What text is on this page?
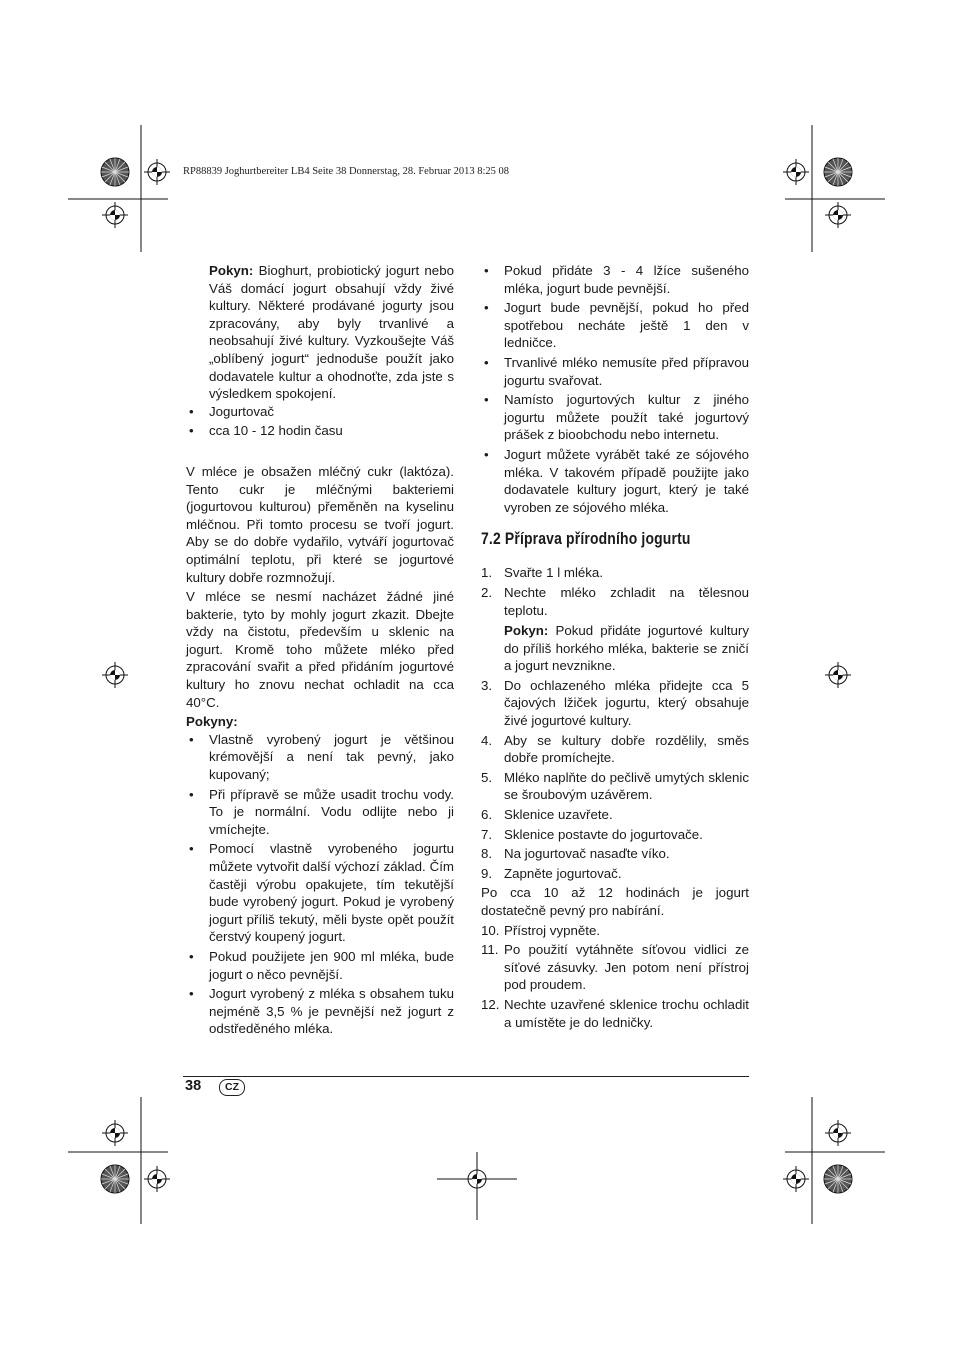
RP88839 Joghurtbereiter LB4 Seite 38 Donnerstag, 28. Februar 2013 8:25 08

Pokyn: Bioghurt, probiotický jogurt nebo Váš domácí jogurt obsahují vždy živé kultury. Některé prodávané jogurty jsou zpracovány, aby byly trvanlivé a neobsahují živé kultury. Vyzkoušejte Váš „oblíbený jogurt“ jednoduše použít jako dodavatele kultur a ohodnoťte, zda jste s výsledkem spokojení.

• Jogurtovač
• cca 10 - 12 hodin času

V mléce je obsažen mléčný cukr (laktóza). Tento cukr je mléčnými bakteriemi (jogurtovou kulturou) přeměněn na kyselinu mléčnou. Při tomto procesu se tvoří jogurt. Aby se do dobře vydařilo, vytváří jogurtovač optimální teplotu, při které se jogurtové kultury dobře rozmnožují.

V mléce se nesmí nacházet žádné jiné bakterie, tyto by mohly jogurt zkazit. Dbejte vždy na čistotu, především u sklenic na jogurt. Kromě toho můžete mléko před zpracování svařit a před přidáním jogurtové kultury ho znovu nechat ochladit na cca 40°C.

Pokyny:

• Vlastně vyrobený jogurt je většinou krémovější a není tak pevný, jako kupovaný;
• Při přípravě se může usadit trochu vody. To je normální. Vodu odlijte nebo ji vmíchejte.
• Pomocí vlastně vyrobeného jogurtu můžete vytvořit další výchozí základ. Čím častěji výrobu opakujete, tím tekutější bude vyrobený jogurt. Pokud je vyrobený jogurt příliš tekutý, měli byste opět použít čerstvý koupený jogurt.
• Pokud použijete jen 900 ml mléka, bude jogurt o něco pevnější.
• Jogurt vyrobený z mléka s obsahem tuku nejméně 3,5 % je pevnější než jogurt z odstředěného mléka.
• Pokud přidáte 3 - 4 lžíce sušeného mléka, jogurt bude pevnější.
• Jogurt bude pevnější, pokud ho před spotřebou necháte ještě 1 den v ledničce.
• Trvanlivé mléko nemusíte před přípravou jogurtu svařovat.
• Namísto jogurtových kultur z jiného jogurtu můžete použít také jogurtový prášek z bioobchodu nebo internetu.
• Jogurt můžete vyrábět také ze sójového mléka. V takovém případě použijte jako dodavatele kultury jogurt, který je také vyroben ze sójového mléka.
7.2 Příprava přírodního jogurtu
1. Svařte 1 l mléka.
2. Nechte mléko zchladit na tělesnou teplotu.

Pokyn: Pokud přidáte jogurtové kultury do příliš horkého mléka, bakterie se zničí a jogurt nevznikne.

3. Do ochlazeného mléka přidejte cca 5 čajových lžiček jogurtu, který obsahuje živé jogurtové kultury.
4. Aby se kultury dobře rozdělily, směs dobře promíchejte.
5. Mléko naplňte do pečlivě umytých sklenic se šroubovým uzávěrem.
6. Sklenice uzavřete.
7. Sklenice postavte do jogurtovače.
8. Na jogurtovač nasaďte víko.
9. Zapněte jogurtovač.

Po cca 10 až 12 hodinách je jogurt dostatečně pevný pro nabírání.

10. Přístroj vypněte.
11. Po použití vytáhněte síťovou vidlici ze síťové zásuvky. Jen potom není přístroj pod proudem.
12. Nechte uzavřené sklenice trochu ochladit a umístěte je do ledničky.
38	CZ
